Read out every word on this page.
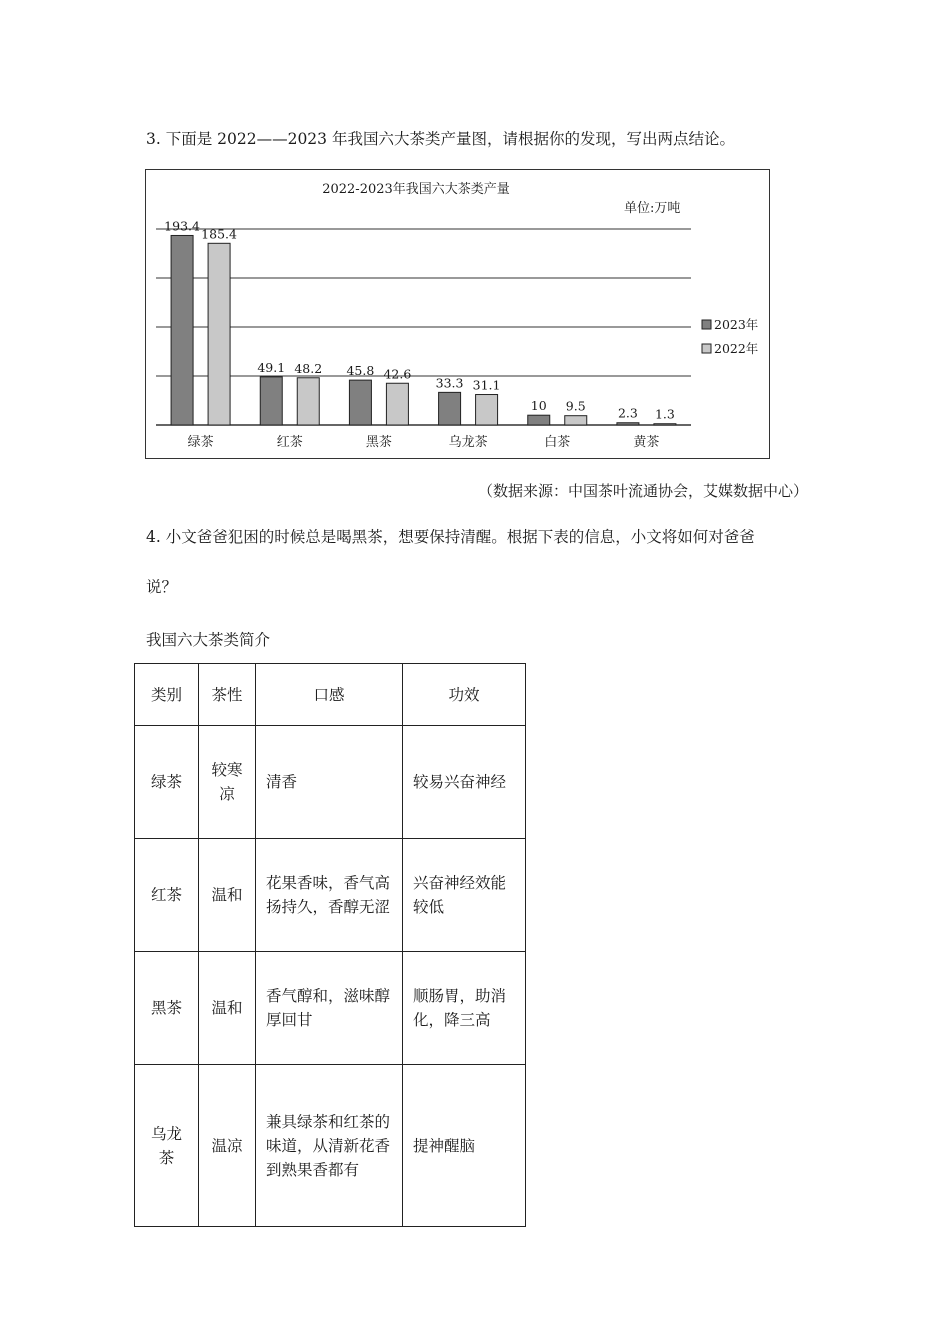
3. 下面是 2022——2023 年我国六大茶类产量图，请根据你的发现，写出两点结论。
2022-2023年我国六大茶类产量
单位:万吨
193.4
185.4
绿茶
49.1 48.2
红茶
45.8 42.6
黑茶
33.3 31.1
乌龙茶
10 9.5
白茶
2.3 1.3
黄茶
2023年
2022年
（数据来源：中国茶叶流通协会，艾媒数据中心）
4. 小文爸爸犯困的时候总是喝黑茶，想要保持清醒。根据下表的信息，小文将如何对爸爸
说？
我国六大茶类简介
类别	茶性	口感	功效
绿茶	较寒凉	清香	较易兴奋神经
红茶	温和	花果香味，香气高扬持久，香醇无涩	兴奋神经效能较低
黑茶	温和	香气醇和，滋味醇厚回甘	顺肠胃，助消化，降三高
乌龙茶	温凉	兼具绿茶和红茶的味道，从清新花香到熟果香都有	提神醒脑
